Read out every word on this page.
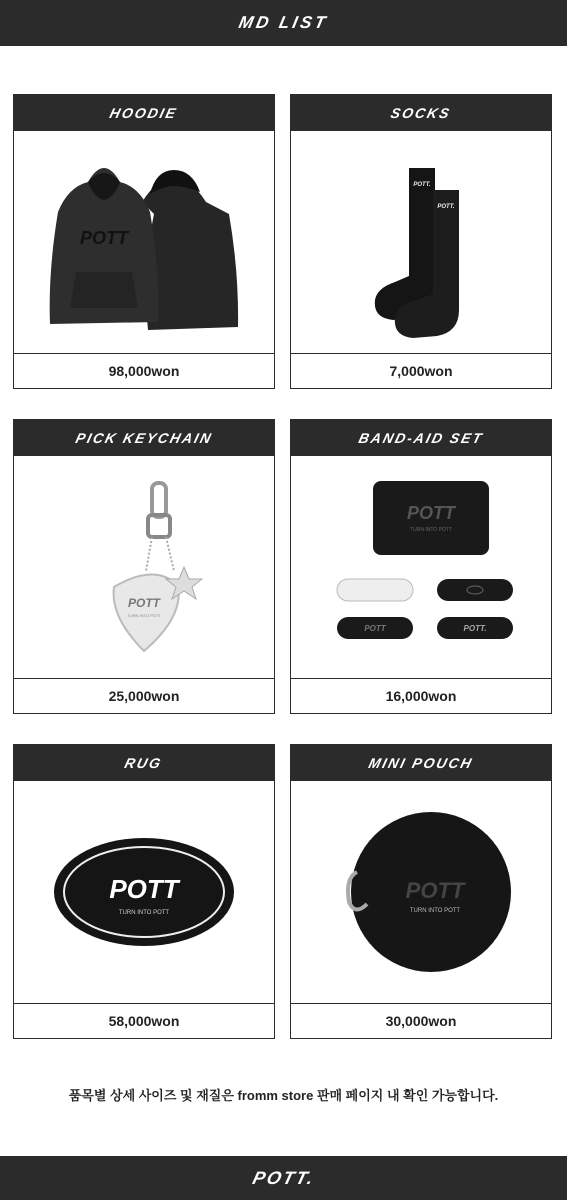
MD LIST
HOODIE
POTT
98,000won
SOCKS
POTT.
POTT.
7,000won
PICK KEYCHAIN
POTT
TURN INTO POTT
25,000won
BAND-AID SET
POTT
TURN INTO POTT
POTT	POTT.
16,000won
RUG
POTT
TURN INTO POTT
58,000won
MINI POUCH
POTT
TURN INTO POTT
30,000won
품목별 상세 사이즈 및 재질은 fromm store 판매 페이지 내 확인 가능합니다.
POTT.
